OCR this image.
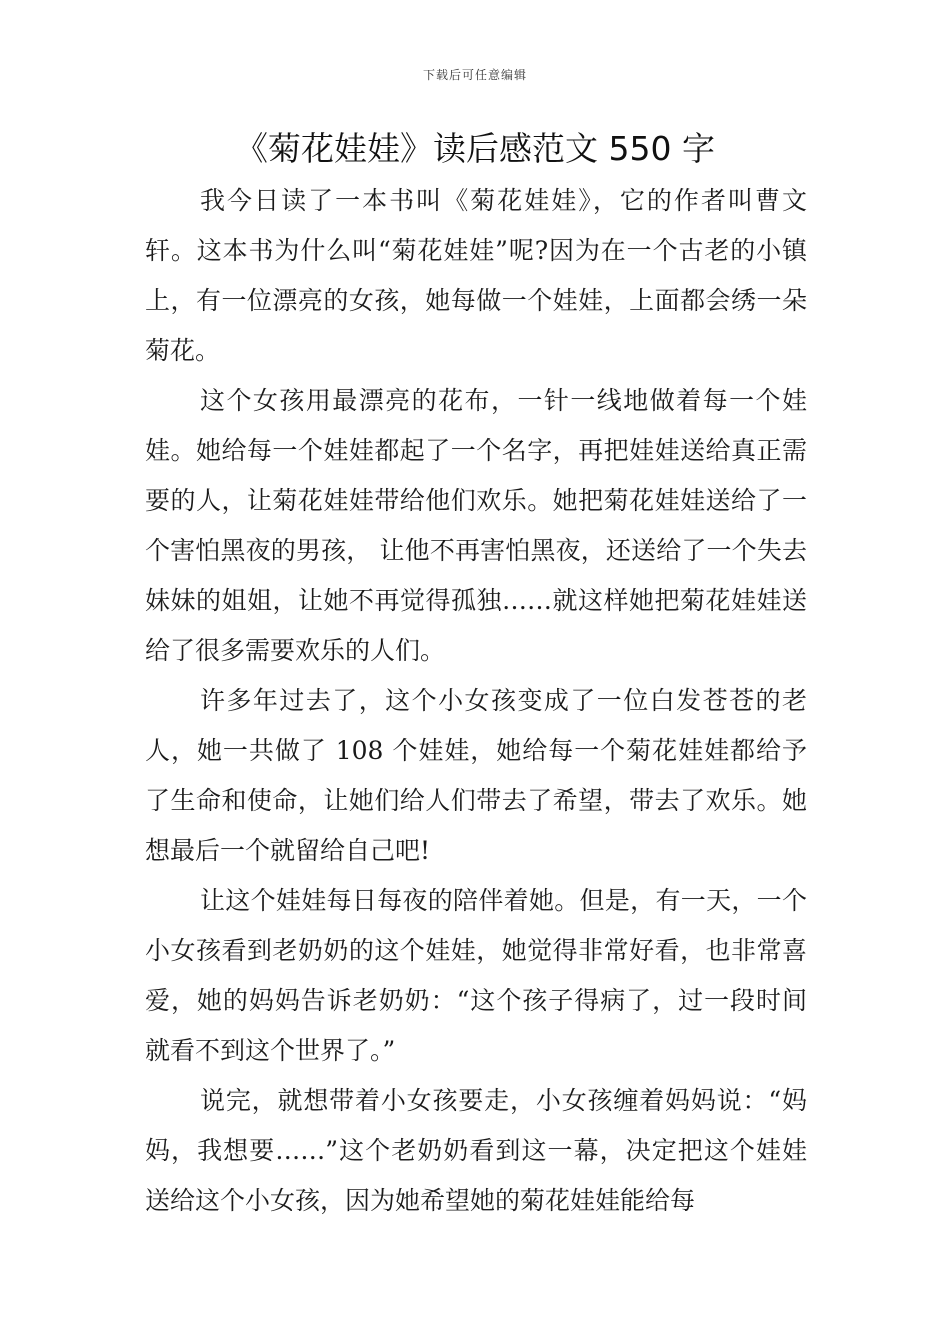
下载后可任意编辑
《菊花娃娃》读后感范文 550 字

我今日读了一本书叫《菊花娃娃》，它的作者叫曹文轩。这本书为什么叫“菊花娃娃”呢?因为在一个古老的小镇上，有一位漂亮的女孩，她每做一个娃娃，上面都会绣一朵菊花。

这个女孩用最漂亮的花布，一针一线地做着每一个娃娃。她给每一个娃娃都起了一个名字，再把娃娃送给真正需要的人，让菊花娃娃带给他们欢乐。她把菊花娃娃送给了一个害怕黑夜的男孩， 让他不再害怕黑夜，还送给了一个失去妹妹的姐姐，让她不再觉得孤独……就这样她把菊花娃娃送给了很多需要欢乐的人们。

许多年过去了，这个小女孩变成了一位白发苍苍的老人，她一共做了 108 个娃娃，她给每一个菊花娃娃都给予了生命和使命，让她们给人们带去了希望，带去了欢乐。她想最后一个就留给自己吧!

让这个娃娃每日每夜的陪伴着她。但是，有一天，一个小女孩看到老奶奶的这个娃娃，她觉得非常好看，也非常喜爱，她的妈妈告诉老奶奶：“这个孩子得病了，过一段时间就看不到这个世界了。”

说完，就想带着小女孩要走，小女孩缠着妈妈说：“妈妈，我想要……”这个老奶奶看到这一幕，决定把这个娃娃送给这个小女孩，因为她希望她的菊花娃娃能给每
